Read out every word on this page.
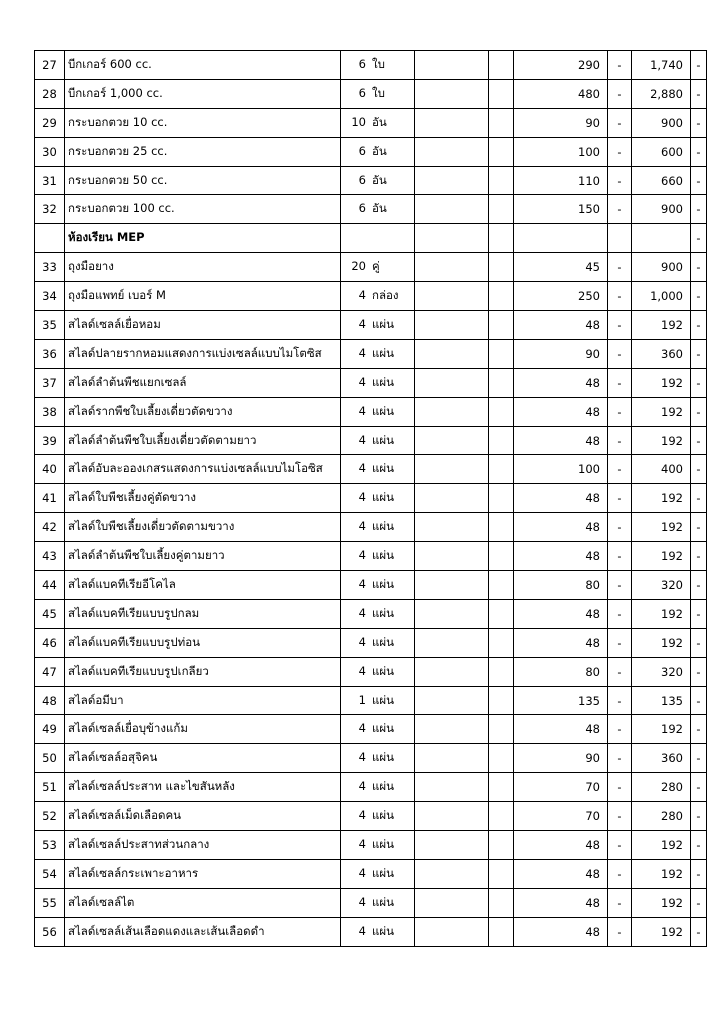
27	บีกเกอร์ 600 cc.	6 ใบ			290	-	1,740	-
28	บีกเกอร์ 1,000 cc.	6 ใบ			480	-	2,880	-
29	กระบอกตวย 10 cc.	10 อัน			90	-	900	-
30	กระบอกตวย 25 cc.	6 อัน			100	-	600	-
31	กระบอกตวย 50 cc.	6 อัน			110	-	660	-
32	กระบอกตวย 100 cc.	6 อัน			150	-	900	-
	ห้องเรียน MEP							-
33	ถุงมือยาง	20 คู่			45	-	900	-
34	ถุงมือแพทย์ เบอร์ M	4 กล่อง			250	-	1,000	-
35	สไลด์เซลล์เยื่อหอม	4 แผ่น			48	-	192	-
36	สไลด์ปลายรากหอมแสดงการแบ่งเซลล์แบบไมโตซิส	4 แผ่น			90	-	360	-
37	สไลด์ลำต้นพืชแยกเซลล์	4 แผ่น			48	-	192	-
38	สไลด์รากพืชใบเลี้ยงเดี่ยวตัดขวาง	4 แผ่น			48	-	192	-
39	สไลด์ลำต้นพืชใบเลี้ยงเดี่ยวตัดตามยาว	4 แผ่น			48	-	192	-
40	สไลด์อับละอองเกสรแสดงการแบ่งเซลล์แบบไมโอซิส	4 แผ่น			100	-	400	-
41	สไลด์ใบพืชเลี้ยงคู่ตัดขวาง	4 แผ่น			48	-	192	-
42	สไลด์ใบพืชเลี้ยงเดี่ยวตัดตามขวาง	4 แผ่น			48	-	192	-
43	สไลด์ลำต้นพืชใบเลี้ยงคู่ตามยาว	4 แผ่น			48	-	192	-
44	สไลด์แบคทีเรียอีโคไล	4 แผ่น			80	-	320	-
45	สไลด์แบคทีเรียแบบรูปกลม	4 แผ่น			48	-	192	-
46	สไลด์แบคทีเรียแบบรูปท่อน	4 แผ่น			48	-	192	-
47	สไลด์แบคทีเรียแบบรูปเกลียว	4 แผ่น			80	-	320	-
48	สไลด์อมีบา	1 แผ่น			135	-	135	-
49	สไลด์เซลล์เยื่อบุข้างแก้ม	4 แผ่น			48	-	192	-
50	สไลด์เซลล์อสุจิคน	4 แผ่น			90	-	360	-
51	สไลด์เซลล์ประสาท และไขสันหลัง	4 แผ่น			70	-	280	-
52	สไลด์เซลล์เม็ดเลือดคน	4 แผ่น			70	-	280	-
53	สไลด์เซลล์ประสาทส่วนกลาง	4 แผ่น			48	-	192	-
54	สไลด์เซลล์กระเพาะอาหาร	4 แผ่น			48	-	192	-
55	สไลด์เซลล์ไต	4 แผ่น			48	-	192	-
56	สไลด์เซลล์เส้นเลือดแดงและเส้นเลือดดำ	4 แผ่น			48	-	192	-
